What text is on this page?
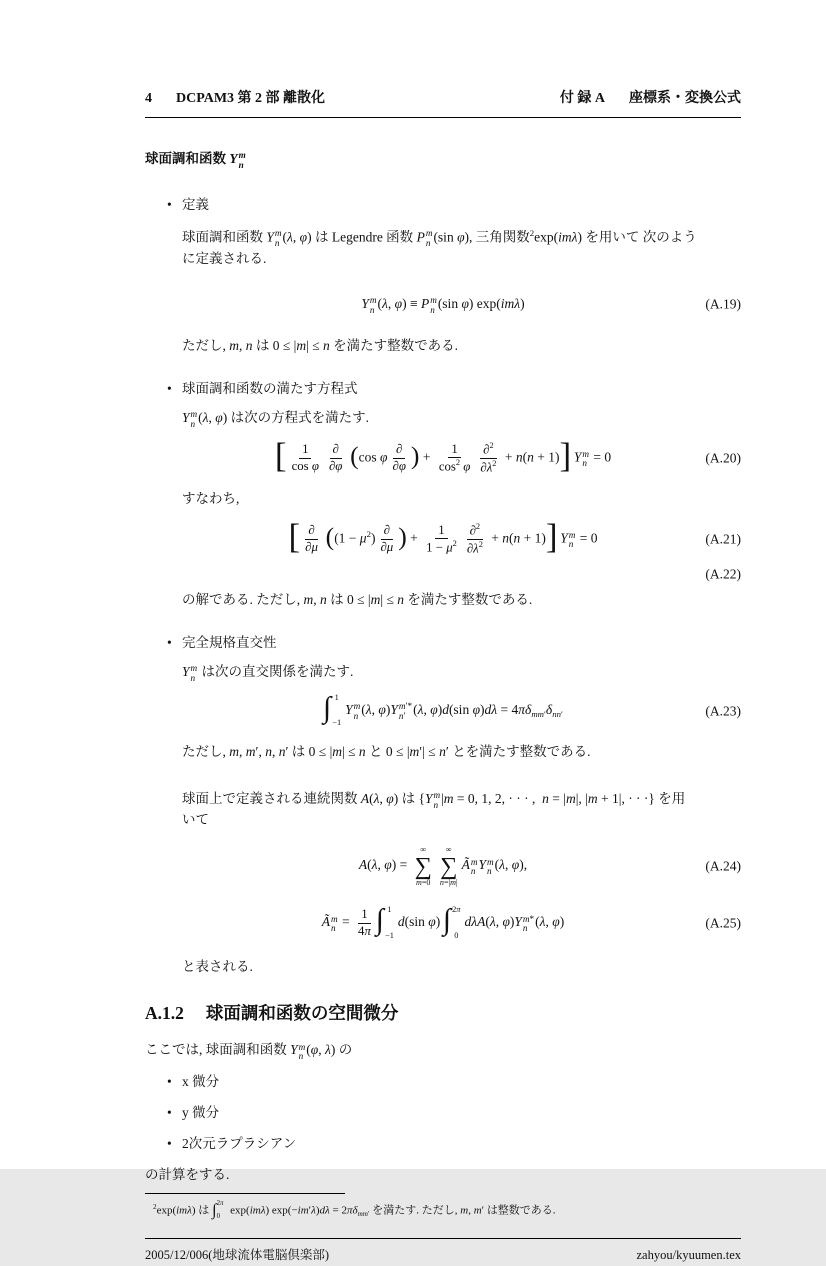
4 DCPAM3 第 2 部 離散化	付 録 A 座標系・変換公式
球面調和函数 Y m
n
• 定義
球面調和函数 Y m
n (λ, φ) は Legendre 函数 P m
n (sin φ), 三角関数$^2$exp(imλ) を用いて 次のよう
に定義される.
Y m
n (λ, φ) ≡ P m
n (sin φ) exp(imλ)	(A.19)
ただし, m, n は 0 ≤ |m| ≤ n を満たす整数である.
• 球面調和函数の満たす方程式
Y m
n (λ, φ) は次の方程式を満たす.
[ $\frac{1}{\text{cos φ}} \frac{\partial}{\partial\varphi}$
  (cos φ $\frac{\partial}{\partial\varphi}$ ) + $\frac{1}{\cos^2 \varphi} \frac{\partial^2}{\partial\lambda^2} + n(n + 1)$]  Y m
n = 0	(A.20)
すなわち,
[ $\frac{\partial}{\partial\mu}$
  ($(1 - \mu^2) \frac{\partial}{\partial\mu}$ ) + $\frac{1}{1 - \mu^2} \frac{\partial^2}{\partial\lambda^2} + n(n + 1)$]  Y m
n = 0	(A.21)
(A.22)
の解である. ただし, m, n は 0 ≤ |m| ≤ n を満たす整数である.
• 完全規格直交性
Y m
n は次の直交関係を満たす.
∫ 1
−1
Y m
n (λ, φ)Y m′*
n′ (λ, φ)d(sin $\varphi)d\lambda = 4\pi\delta_{mm'}\delta_{nn'}$	(A.23)
ただし, m, m′, n, n′ は 0 ≤ |m| ≤ n と 0 ≤ |m′| ≤ n′ とを満たす整数である.
球面上で定義される連続関数 A(λ, φ) は {Y m
n |m = 0, 1, 2, · · · ,  n = |m|, |m + 1|, · · ·} を用
いて
A(λ, φ) =
∞
∑
m=0
∞
∑
n=|m|
Ã m
n Y m
n (λ, φ),	(A.24)
Ã m
$n = \frac{1}{4\pi}$ ∫ 1
−1
d(sin φ) ∫ 2π
0
dλA(λ, φ)Y m*
n (λ, φ)	(A.25)
と表される.
A.1.2 球面調和函数の空間微分
ここでは, 球面調和函数 Y m
n (φ, λ) の
• x 微分
• y 微分
• 2次元ラプラシアン
の計算をする.
$^2$exp(imλ) は ∫ 2π
0 exp(imλ) $\exp(-im'\lambda)d\lambda = 2\pi\delta_{mm'}$ を満たす. ただし, m, m′ は整数である.
2005/12/006(地球流体電脳倶楽部)	zahyou/kyuumen.tex
